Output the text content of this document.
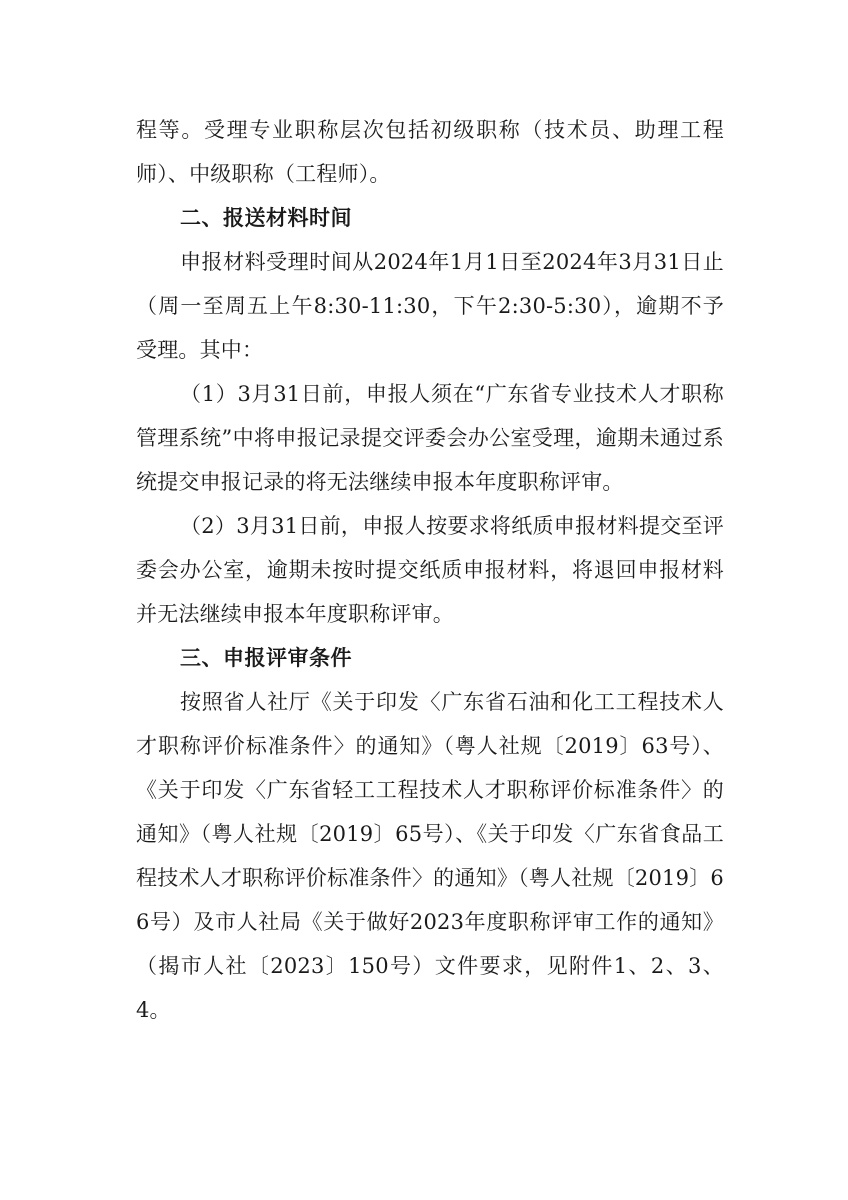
程等。受理专业职称层次包括初级职称（技术员、助理工程师）、中级职称（工程师）。

二、报送材料时间

申报材料受理时间从2024年1月1日至2024年3月31日止（周一至周五上午8:30-11:30，下午2:30-5:30），逾期不予受理。其中：

（1）3月31日前，申报人须在“广东省专业技术人才职称管理系统”中将申报记录提交评委会办公室受理，逾期未通过系统提交申报记录的将无法继续申报本年度职称评审。

（2）3月31日前，申报人按要求将纸质申报材料提交至评委会办公室，逾期未按时提交纸质申报材料，将退回申报材料并无法继续申报本年度职称评审。

三、申报评审条件

按照省人社厅《关于印发〈广东省石油和化工工程技术人才职称评价标准条件〉的通知》（粤人社规〔2019〕63号）、《关于印发〈广东省轻工工程技术人才职称评价标准条件〉的通知》（粤人社规〔2019〕65号）、《关于印发〈广东省食品工程技术人才职称评价标准条件〉的通知》（粤人社规〔2019〕66号）及市人社局《关于做好2023年度职称评审工作的通知》（揭市人社〔2023〕150号）文件要求，见附件1、2、3、4。
